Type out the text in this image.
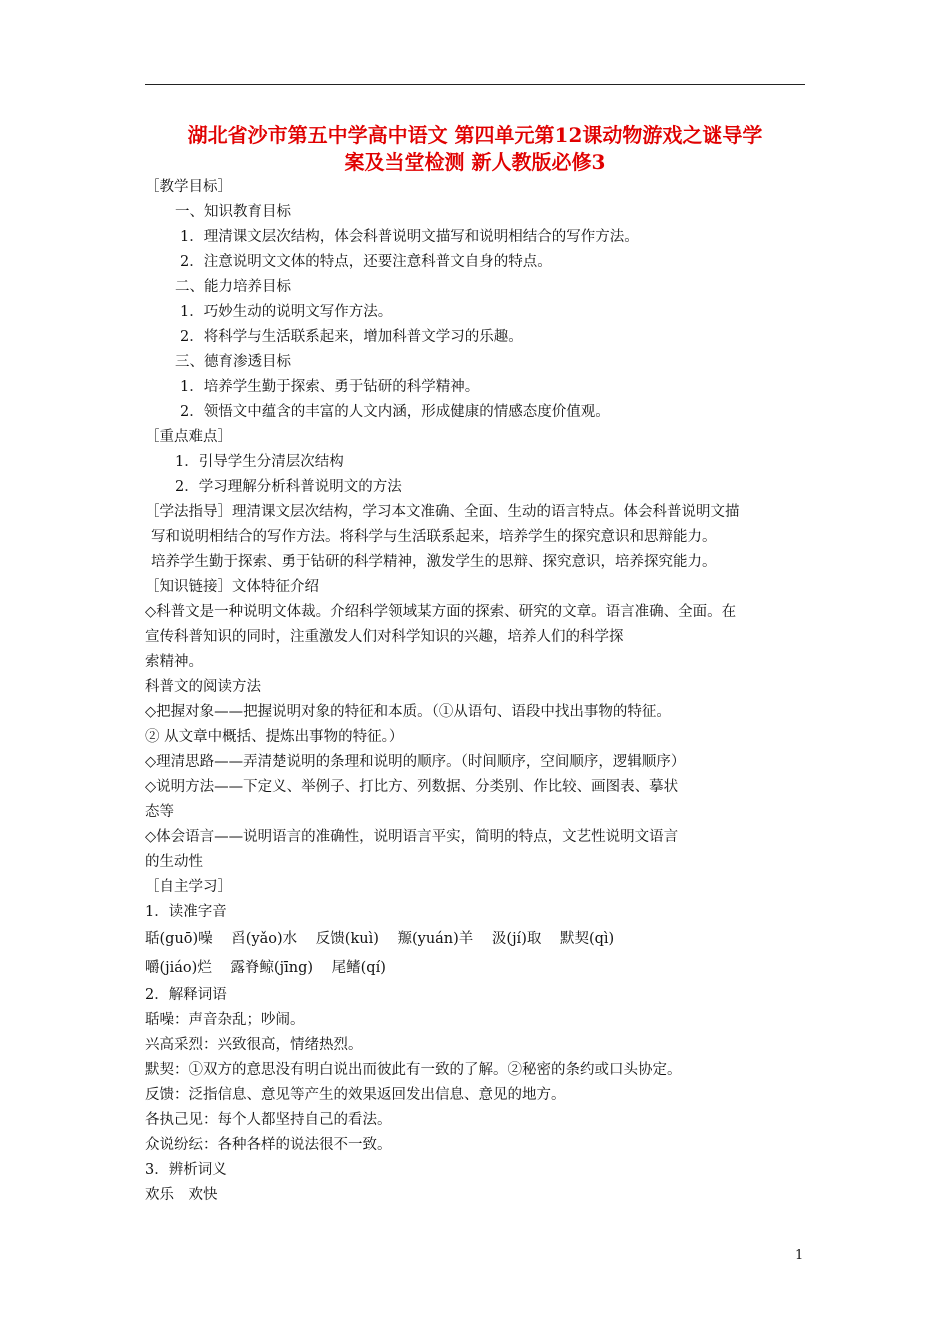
湖北省沙市第五中学高中语文 第四单元第12课动物游戏之谜导学
案及当堂检测 新人教版必修3
［教学目标］
一、知识教育目标
1．理清课文层次结构，体会科普说明文描写和说明相结合的写作方法。
2．注意说明文文体的特点，还要注意科普文自身的特点。
二、能力培养目标
1．巧妙生动的说明文写作方法。
2．将科学与生活联系起来，增加科普文学习的乐趣。
三、德育渗透目标
1．培养学生勤于探索、勇于钻研的科学精神。
2．领悟文中蕴含的丰富的人文内涵，形成健康的情感态度价值观。
［重点难点］
1．引导学生分清层次结构
2．学习理解分析科普说明文的方法
［学法指导］理清课文层次结构，学习本文准确、全面、生动的语言特点。体会科普说明文描
写和说明相结合的写作方法。将科学与生活联系起来，培养学生的探究意识和思辩能力。
培养学生勤于探索、勇于钻研的科学精神，激发学生的思辩、探究意识，培养探究能力。
［知识链接］文体特征介绍
◇科普文是一种说明文体裁。介绍科学领域某方面的探索、研究的文章。语言准确、全面。在
宣传科普知识的同时，注重激发人们对科学知识的兴趣，培养人们的科学探
索精神。
科普文的阅读方法
◇把握对象——把握说明对象的特征和本质。（①从语句、语段中找出事物的特征。
② 从文章中概括、提炼出事物的特征。）
◇理清思路——弄清楚说明的条理和说明的顺序。（时间顺序，空间顺序，逻辑顺序）
◇说明方法——下定义、举例子、打比方、列数据、分类别、作比较、画图表、摹状
态等
◇体会语言——说明语言的准确性，说明语言平实，简明的特点，文艺性说明文语言
的生动性
［自主学习］
1．读准字音
聒(guō)噪 舀(yǎo)水 反馈(kuì) 羱(yuán)羊 汲(jí)取 默契(qì)
嚼(jiáo)烂 露脊鲸(jīng) 尾鳍(qí)
2．解释词语
聒噪：声音杂乱；吵闹。
兴高采烈：兴致很高，情绪热烈。
默契：①双方的意思没有明白说出而彼此有一致的了解。②秘密的条约或口头协定。
反馈：泛指信息、意见等产生的效果返回发出信息、意见的地方。
各执己见：每个人都坚持自己的看法。
众说纷纭：各种各样的说法很不一致。
3．辨析词义
欢乐　欢快
1
